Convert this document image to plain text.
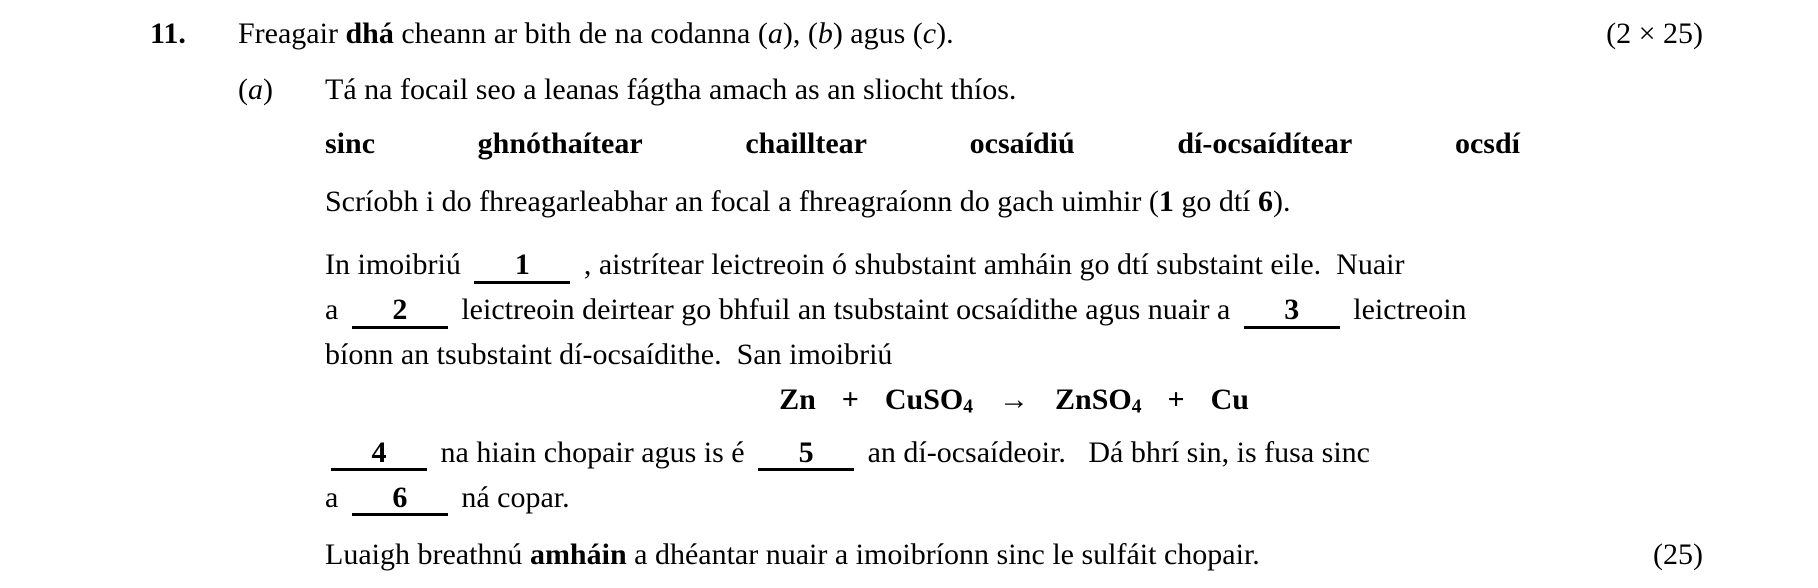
11.	Freagair dhá cheann ar bith de na codanna (a), (b) agus (c).	(2 × 25)
(a)	Tá na focail seo a leanas fágtha amach as an sliocht thíos.
sinc	ghnóthaítear	chailltear	ocsaídiú	dí-ocsaídítear	ocsdí
Scríobh i do fhreagarleabhar an focal a fhreagraíonn do gach uimhir (1 go dtí 6).
In imoibriú 1 , aistrítear leictreoin ó shubstaint amháin go dtí substaint eile.  Nuair
a 2 leictreoin deirtear go bhfuil an tsubstaint ocsaídithe agus nuair a 3 leictreoin
bíonn an tsubstaint dí-ocsaídithe.  San imoibriú
Zn + CuSO$_4$ → ZnSO$_4$ + Cu
4 na hiain chopair agus is é 5 an dí-ocsaídeoir.   Dá bhrí sin, is fusa sinc
a 6 ná copar.
Luaigh breathnú amháin a dhéantar nuair a imoibríonn sinc le sulfáit chopair.	(25)
